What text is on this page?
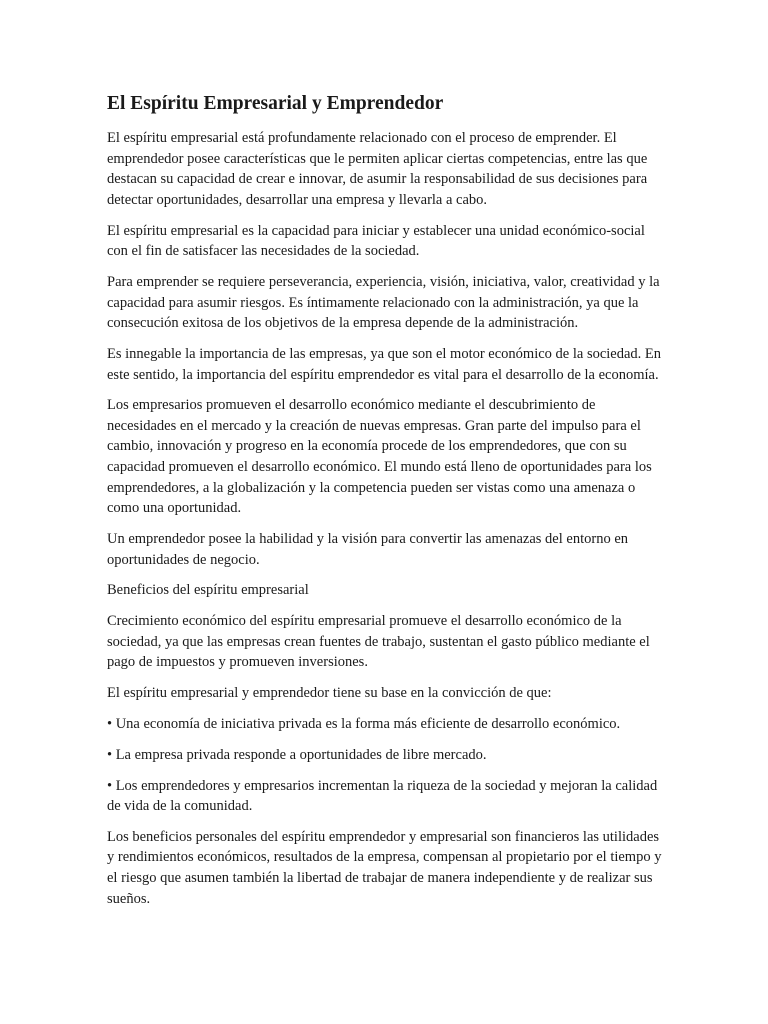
El Espíritu Empresarial y Emprendedor

El espíritu empresarial está profundamente relacionado con el proceso de emprender. El emprendedor posee características que le permiten aplicar ciertas competencias, entre las que destacan su capacidad de crear e innovar, de asumir la responsabilidad de sus decisiones para detectar oportunidades, desarrollar una empresa y llevarla a cabo.

El espíritu empresarial es la capacidad para iniciar y establecer una unidad económico-social con el fin de satisfacer las necesidades de la sociedad.

Para emprender se requiere perseverancia, experiencia, visión, iniciativa, valor, creatividad y la capacidad para asumir riesgos. Es íntimamente relacionado con la administración, ya que la consecución exitosa de los objetivos de la empresa depende de la administración.

Es innegable la importancia de las empresas, ya que son el motor económico de la sociedad. En este sentido, la importancia del espíritu emprendedor es vital para el desarrollo de la economía.

Los empresarios promueven el desarrollo económico mediante el descubrimiento de necesidades en el mercado y la creación de nuevas empresas. Gran parte del impulso para el cambio, innovación y progreso en la economía procede de los emprendedores, que con su capacidad promueven el desarrollo económico. El mundo está lleno de oportunidades para los emprendedores, a la globalización y la competencia pueden ser vistas como una amenaza o como una oportunidad.

Un emprendedor posee la habilidad y la visión para convertir las amenazas del entorno en oportunidades de negocio.

Beneficios del espíritu empresarial

Crecimiento económico del espíritu empresarial promueve el desarrollo económico de la sociedad, ya que las empresas crean fuentes de trabajo, sustentan el gasto público mediante el pago de impuestos y promueven inversiones.

El espíritu empresarial y emprendedor tiene su base en la convicción de que:

• Una economía de iniciativa privada es la forma más eficiente de desarrollo económico.

• La empresa privada responde a oportunidades de libre mercado.

• Los emprendedores y empresarios incrementan la riqueza de la sociedad y mejoran la calidad de vida de la comunidad.

Los beneficios personales del espíritu emprendedor y empresarial son financieros las utilidades y rendimientos económicos, resultados de la empresa, compensan al propietario por el tiempo y el riesgo que asumen también la libertad de trabajar de manera independiente y de realizar sus sueños.
